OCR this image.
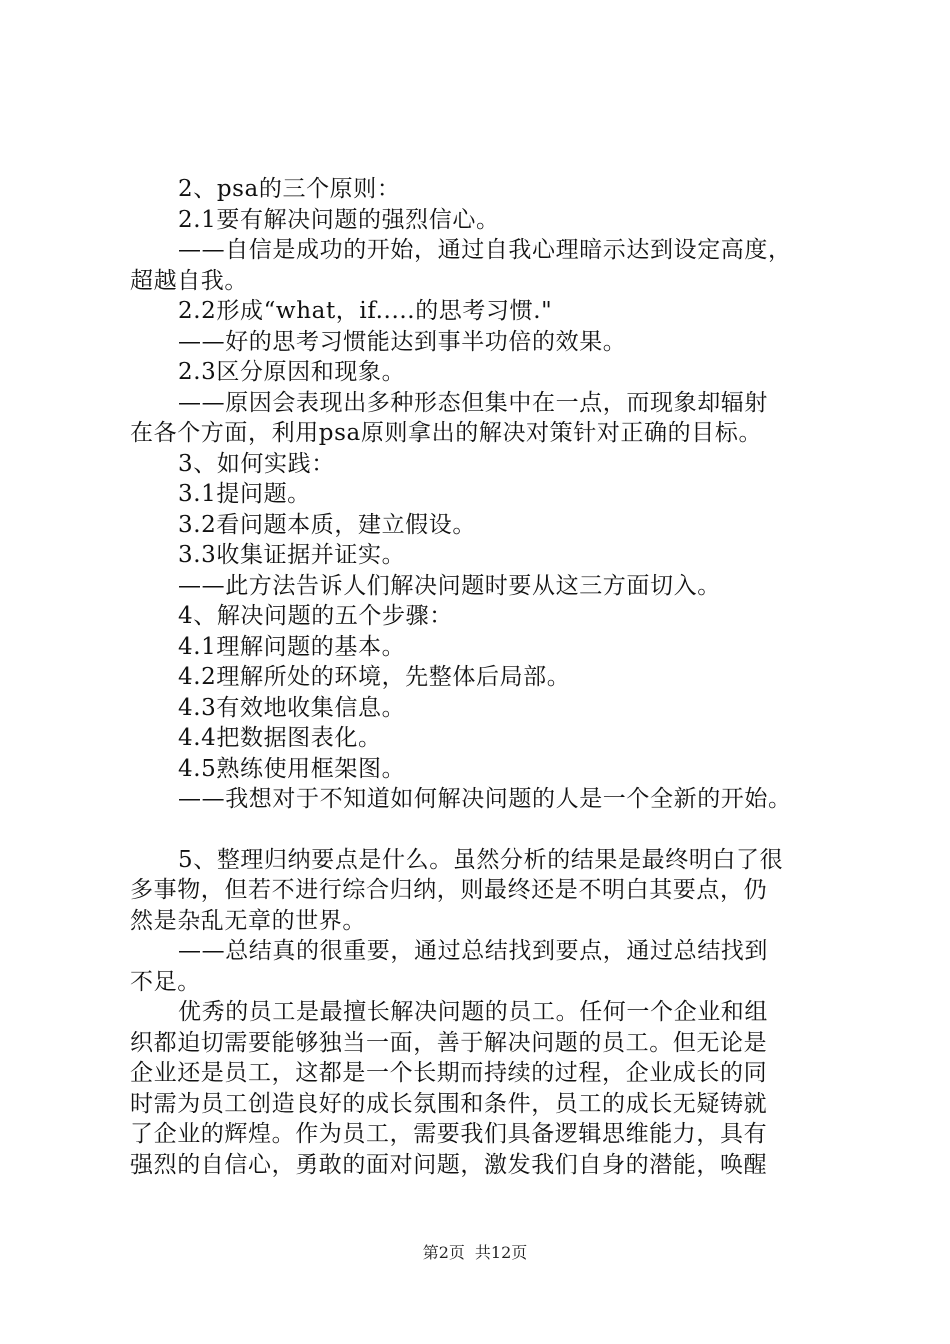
2、psa的三个原则：
2.1要有解决问题的强烈信心。
——自信是成功的开始，通过自我心理暗示达到设定高度，
超越自我。
2.2形成“what，if.....的思考习惯."
——好的思考习惯能达到事半功倍的效果。
2.3区分原因和现象。
——原因会表现出多种形态但集中在一点，而现象却辐射
在各个方面，利用psa原则拿出的解决对策针对正确的目标。
3、如何实践：
3.1提问题。
3.2看问题本质，建立假设。
3.3收集证据并证实。
——此方法告诉人们解决问题时要从这三方面切入。
4、解决问题的五个步骤：
4.1理解问题的基本。
4.2理解所处的环境，先整体后局部。
4.3有效地收集信息。
4.4把数据图表化。
4.5熟练使用框架图。
——我想对于不知道如何解决问题的人是一个全新的开始。
5、整理归纳要点是什么。虽然分析的结果是最终明白了很
多事物，但若不进行综合归纳，则最终还是不明白其要点，仍
然是杂乱无章的世界。
——总结真的很重要，通过总结找到要点，通过总结找到
不足。
优秀的员工是最擅长解决问题的员工。任何一个企业和组
织都迫切需要能够独当一面，善于解决问题的员工。但无论是
企业还是员工，这都是一个长期而持续的过程，企业成长的同
时需为员工创造良好的成长氛围和条件，员工的成长无疑铸就
了企业的辉煌。作为员工，需要我们具备逻辑思维能力，具有
强烈的自信心，勇敢的面对问题，激发我们自身的潜能，唤醒
第2页 共12页
